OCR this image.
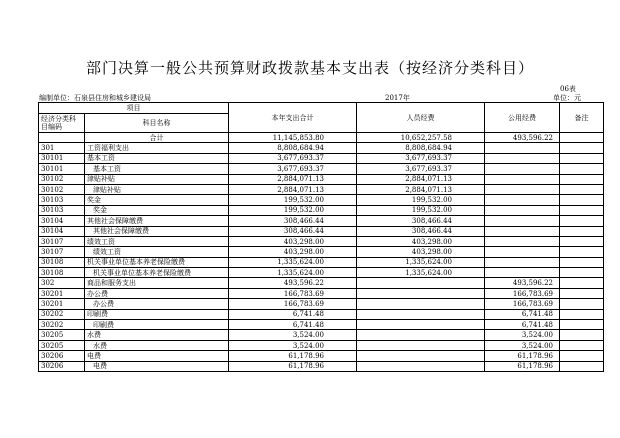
部门决算一般公共预算财政拨款基本支出表（按经济分类科目）
06表
编制单位：石泉县住房和城乡建设局	2017年	单位：元
项目		本年支出合计	人员经费	公用经费	备注
经济分类科目编码	科目名称				
	合计	11,145,853.80	10,652,257.58	493,596.22	
301	工资福利支出	8,808,684.94	8,808,684.94		
30101	基本工资	3,677,693.37	3,677,693.37		
30101	基本工资	3,677,693.37	3,677,693.37		
30102	津贴补贴	2,884,071.13	2,884,071.13		
30102	津贴补贴	2,884,071.13	2,884,071.13		
30103	奖金	199,532.00	199,532.00		
30103	奖金	199,532.00	199,532.00		
30104	其他社会保障缴费	308,466.44	308,466.44		
30104	其他社会保障缴费	308,466.44	308,466.44		
30107	绩效工资	403,298.00	403,298.00		
30107	绩效工资	403,298.00	403,298.00		
30108	机关事业单位基本养老保险缴费	1,335,624.00	1,335,624.00		
30108	机关事业单位基本养老保险缴费	1,335,624.00	1,335,624.00		
302	商品和服务支出	493,596.22		493,596.22	
30201	办公费	166,783.69		166,783.69	
30201	办公费	166,783.69		166,783.69	
30202	印刷费	6,741.48		6,741.48	
30202	印刷费	6,741.48		6,741.48	
30205	水费	3,524.00		3,524.00	
30205	水费	3,524.00		3,524.00	
30206	电费	61,178.96		61,178.96	
30206	电费	61,178.96		61,178.96	
